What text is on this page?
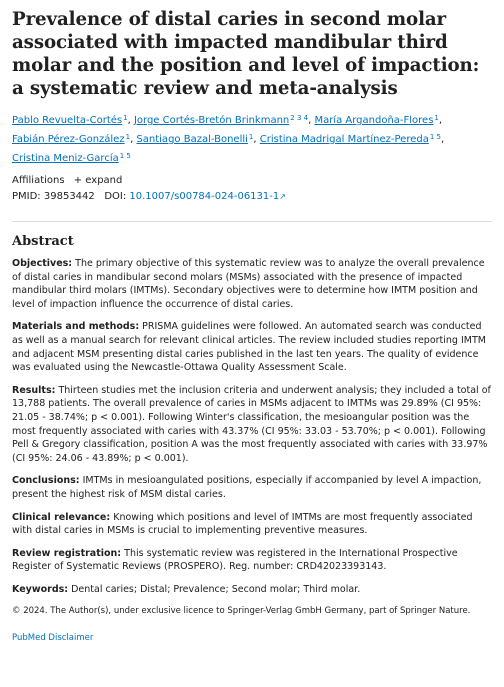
Prevalence of distal caries in second molar associated with impacted mandibular third molar and the position and level of impaction: a systematic review and meta-analysis
Pablo Revuelta-Cortés$^1$, Jorge Cortés-Bretón Brinkmann$^{2 3 4}$, María Argandoña-Flores$^1$,
Fabián Pérez-González$^1$, Santiago Bazal-Bonelli$^1$, Cristina Madrigal Martínez-Pereda$^{1 5}$,
Cristina Meniz-García$^{1 5}$
Affiliations + expand
PMID: 39853442 DOI: 10.1007/s00784-024-06131-1↗
Abstract

Objectives: The primary objective of this systematic review was to analyze the overall prevalence of distal caries in mandibular second molars (MSMs) associated with the presence of impacted mandibular third molars (IMTMs). Secondary objectives were to determine how IMTM position and level of impaction influence the occurrence of distal caries.

Materials and methods: PRISMA guidelines were followed. An automated search was conducted as well as a manual search for relevant clinical articles. The review included studies reporting IMTM and adjacent MSM presenting distal caries published in the last ten years. The quality of evidence was evaluated using the Newcastle-Ottawa Quality Assessment Scale.

Results: Thirteen studies met the inclusion criteria and underwent analysis; they included a total of 13,788 patients. The overall prevalence of caries in MSMs adjacent to IMTMs was 29.89% (CI 95%: 21.05 - 38.74%; p < 0.001). Following Winter's classification, the mesioangular position was the most frequently associated with caries with 43.37% (CI 95%: 33.03 - 53.70%; p < 0.001). Following Pell & Gregory classification, position A was the most frequently associated with caries with 33.97% (CI 95%: 24.06 - 43.89%; p < 0.001).

Conclusions: IMTMs in mesioangulated positions, especially if accompanied by level A impaction, present the highest risk of MSM distal caries.

Clinical relevance: Knowing which positions and level of IMTMs are most frequently associated with distal caries in MSMs is crucial to implementing preventive measures.

Review registration: This systematic review was registered in the International Prospective Register of Systematic Reviews (PROSPERO). Reg. number: CRD42023393143.

Keywords: Dental caries; Distal; Prevalence; Second molar; Third molar.

© 2024. The Author(s), under exclusive licence to Springer-Verlag GmbH Germany, part of Springer Nature.

PubMed Disclaimer
